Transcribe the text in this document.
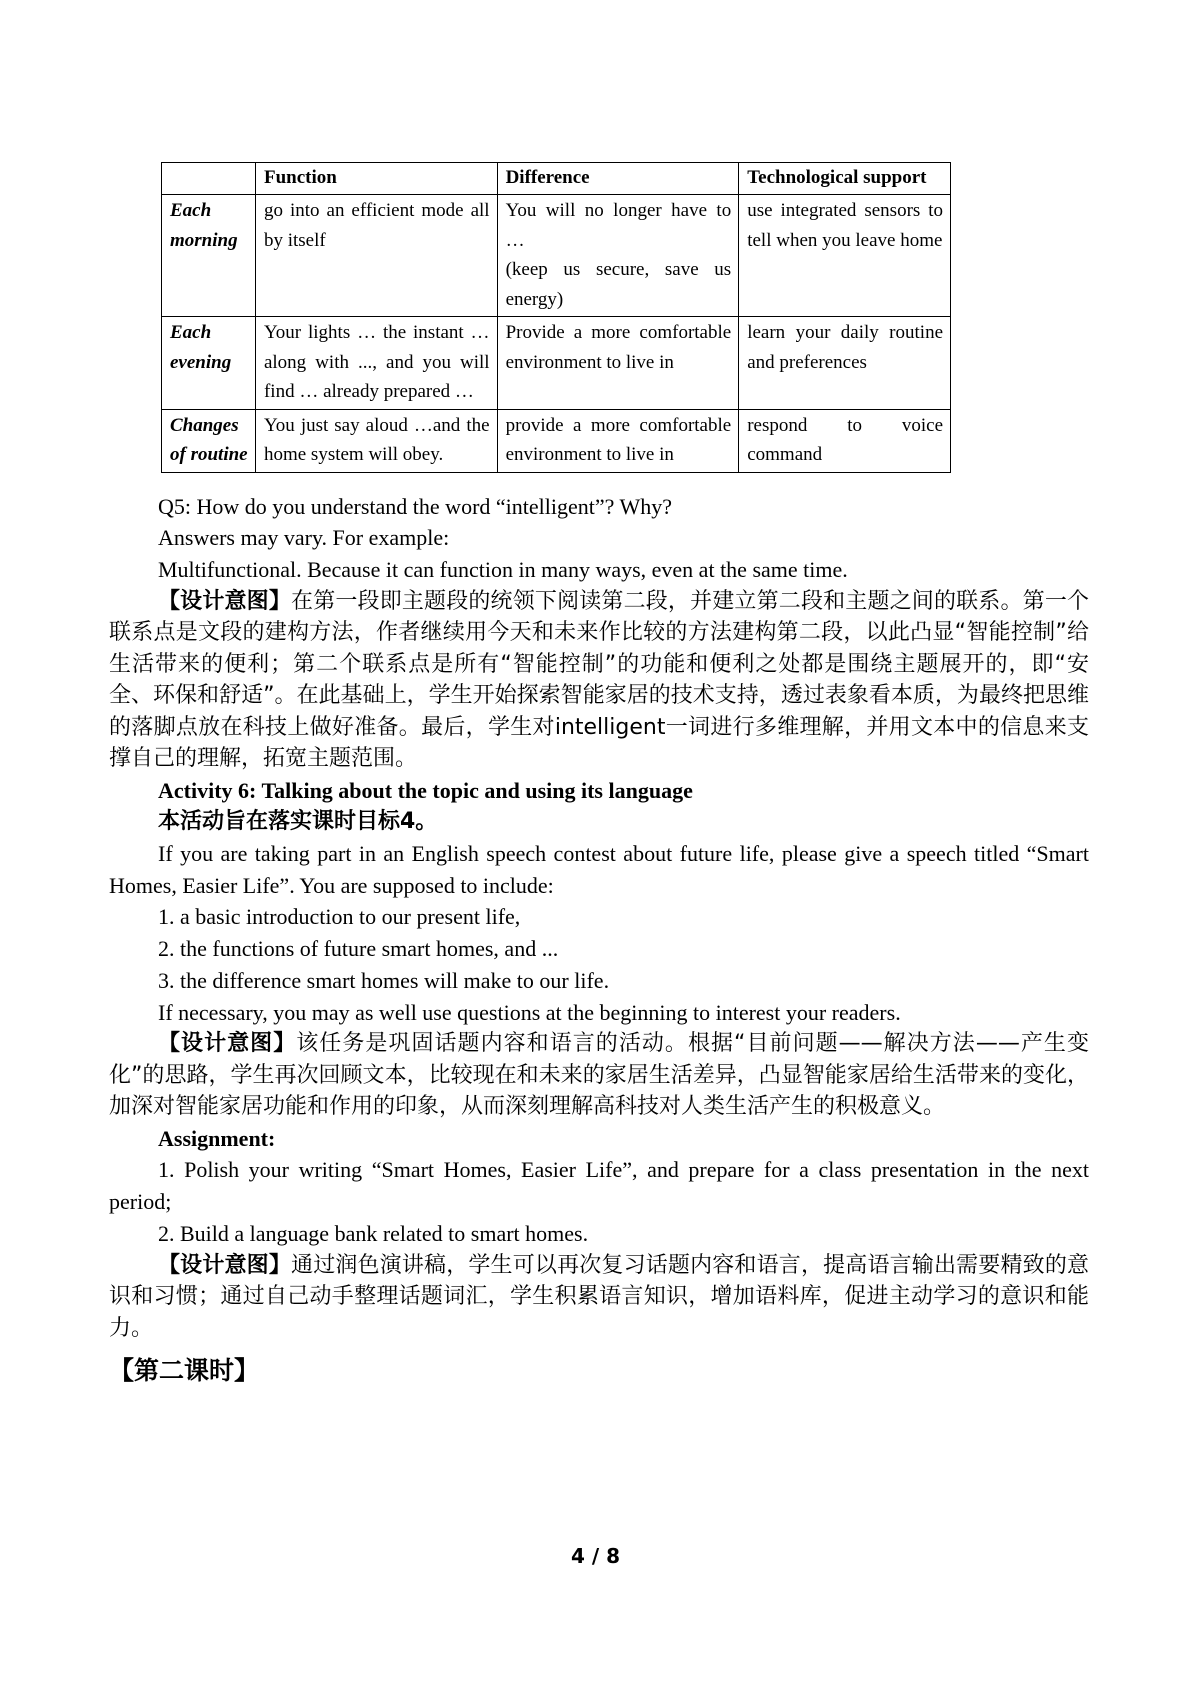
	Function	Difference	Technological support
Each morning	go into an efficient mode all by itself	You will no longer have to …
(keep us secure, save us energy)	use integrated sensors to tell when you leave home
Each evening	Your lights … the instant … along with ..., and you will find … already prepared …	Provide a more comfortable environment to live in	learn your daily routine and preferences
Changes of routine	You just say aloud …and the home system will obey.	provide a more comfortable environment to live in	respond to voice command

Q5: How do you understand the word “intelligent”? Why?

Answers may vary. For example:

Multifunctional. Because it can function in many ways, even at the same time.

【设计意图】在第一段即主题段的统领下阅读第二段，并建立第二段和主题之间的联系。第一个联系点是文段的建构方法，作者继续用今天和未来作比较的方法建构第二段，以此凸显“智能控制”给生活带来的便利；第二个联系点是所有“智能控制”的功能和便利之处都是围绕主题展开的，即“安全、环保和舒适”。在此基础上，学生开始探索智能家居的技术支持，透过表象看本质，为最终把思维的落脚点放在科技上做好准备。最后，学生对intelligent一词进行多维理解，并用文本中的信息来支撑自己的理解，拓宽主题范围。

Activity 6: Talking about the topic and using its language

本活动旨在落实课时目标4。

If you are taking part in an English speech contest about future life, please give a speech titled “Smart Homes, Easier Life”. You are supposed to include:

1. a basic introduction to our present life,

2. the functions of future smart homes, and ...

3. the difference smart homes will make to our life.

If necessary, you may as well use questions at the beginning to interest your readers.

【设计意图】该任务是巩固话题内容和语言的活动。根据“目前问题——解决方法——产生变化”的思路，学生再次回顾文本，比较现在和未来的家居生活差异，凸显智能家居给生活带来的变化，加深对智能家居功能和作用的印象，从而深刻理解高科技对人类生活产生的积极意义。

Assignment:

1. Polish your writing “Smart Homes, Easier Life”, and prepare for a class presentation in the next period;

2. Build a language bank related to smart homes.

【设计意图】通过润色演讲稿，学生可以再次复习话题内容和语言，提高语言输出需要精致的意识和习惯；通过自己动手整理话题词汇，学生积累语言知识，增加语料库，促进主动学习的意识和能力。

【第二课时】
4 / 8
